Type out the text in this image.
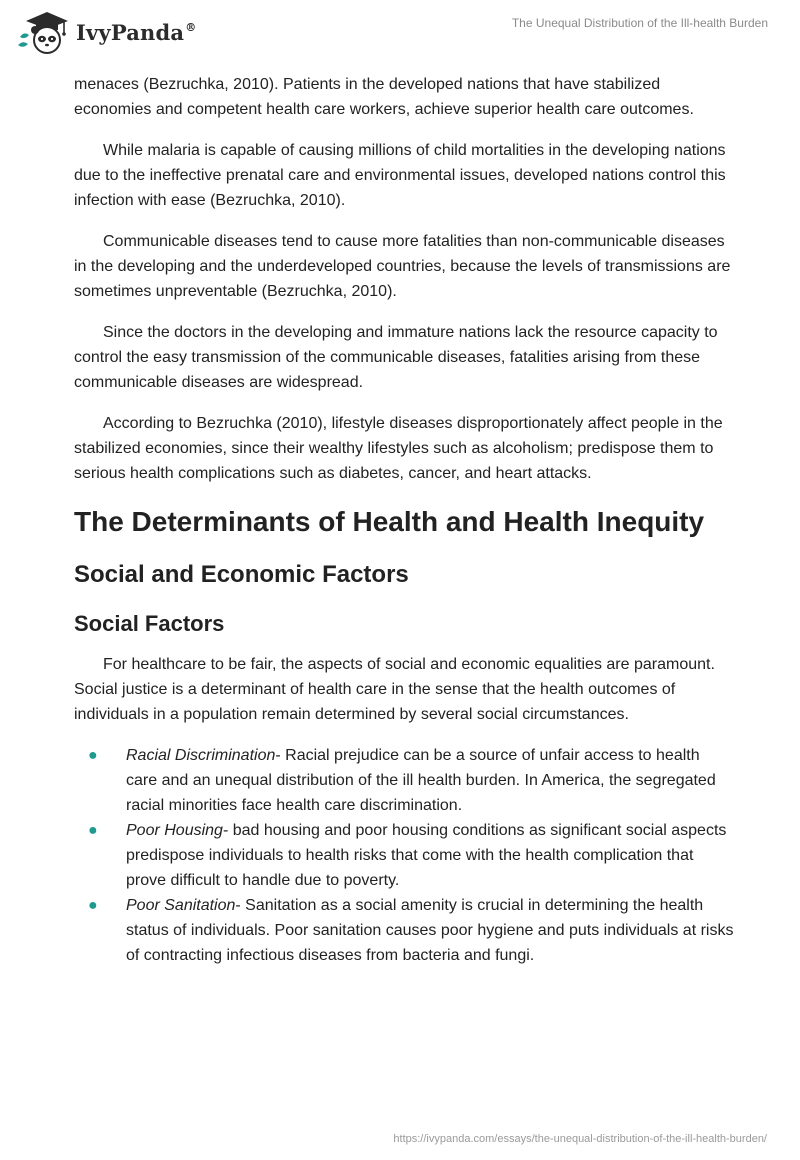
IvyPanda®	The Unequal Distribution of the Ill-health Burden

menaces (Bezruchka, 2010). Patients in the developed nations that have stabilized economies and competent health care workers, achieve superior health care outcomes.

While malaria is capable of causing millions of child mortalities in the developing nations due to the ineffective prenatal care and environmental issues, developed nations control this infection with ease (Bezruchka, 2010).

Communicable diseases tend to cause more fatalities than non-communicable diseases in the developing and the underdeveloped countries, because the levels of transmissions are sometimes unpreventable (Bezruchka, 2010).

Since the doctors in the developing and immature nations lack the resource capacity to control the easy transmission of the communicable diseases, fatalities arising from these communicable diseases are widespread.

According to Bezruchka (2010), lifestyle diseases disproportionately affect people in the stabilized economies, since their wealthy lifestyles such as alcoholism; predispose them to serious health complications such as diabetes, cancer, and heart attacks.

The Determinants of Health and Health Inequity
Social and Economic Factors
Social Factors

For healthcare to be fair, the aspects of social and economic equalities are paramount. Social justice is a determinant of health care in the sense that the health outcomes of individuals in a population remain determined by several social circumstances.

● Racial Discrimination- Racial prejudice can be a source of unfair access to health care and an unequal distribution of the ill health burden. In America, the segregated racial minorities face health care discrimination.
● Poor Housing- bad housing and poor housing conditions as significant social aspects predispose individuals to health risks that come with the health complication that prove difficult to handle due to poverty.
● Poor Sanitation- Sanitation as a social amenity is crucial in determining the health status of individuals. Poor sanitation causes poor hygiene and puts individuals at risks of contracting infectious diseases from bacteria and fungi.
https://ivypanda.com/essays/the-unequal-distribution-of-the-ill-health-burden/
